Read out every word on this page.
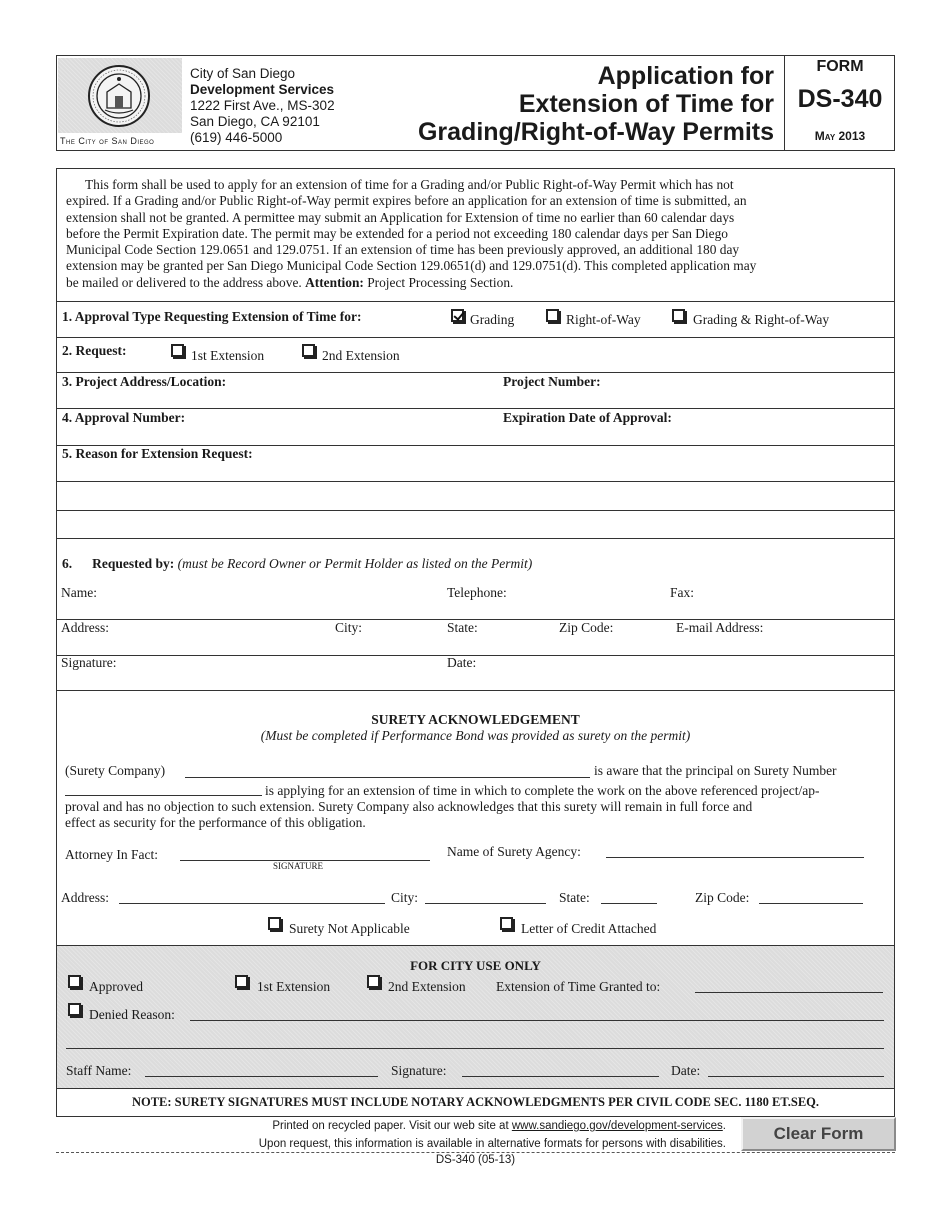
The City of San Diego
City of San Diego
Development Services
1222 First Ave., MS-302
San Diego, CA 92101
(619) 446-5000
Application for
Extension of Time for
Grading/Right-of-Way Permits
FORM
DS-340
May 2013
This form shall be used to apply for an extension of time for a Grading and/or Public Right-of-Way Permit which has not
expired. If a Grading and/or Public Right-of-Way permit expires before an application for an extension of time is submitted, an
extension shall not be granted. A permittee may submit an Application for Extension of time no earlier than 60 calendar days
before the Permit Expiration date. The permit may be extended for a period not exceeding 180 calendar days per San Diego
Municipal Code Section 129.0651 and 129.0751. If an extension of time has been previously approved, an additional 180 day
extension may be granted per San Diego Municipal Code Section 129.0651(d) and 129.0751(d). This completed application may
be mailed or delivered to the address above. Attention: Project Processing Section.
1. Approval Type Requesting Extension of Time for:	Grading	Right-of-Way	Grading & Right-of-Way
2. Request:	1st Extension	2nd Extension
3. Project Address/Location:	Project Number:
4. Approval Number:	Expiration Date of Approval:
5. Reason for Extension Request:
6. Requested by: (must be Record Owner or Permit Holder as listed on the Permit)
Name:	Telephone:	Fax:
Address:	City:	State:	Zip Code:	E-mail Address:
Signature:	Date:
SURETY ACKNOWLEDGEMENT
(Must be completed if Performance Bond was provided as surety on the permit)
(Surety Company)	is aware that the principal on Surety Number
is applying for an extension of time in which to complete the work on the above referenced project/ap-
proval and has no objection to such extension. Surety Company also acknowledges that this surety will remain in full force and
effect as security for the performance of this obligation.
Attorney In Fact:
SIGNATURE
Name of Surety Agency:
Address:	City:	State:	Zip Code:
Surety Not Applicable	Letter of Credit Attached
FOR CITY USE ONLY
Approved	1st Extension	2nd Extension Extension of Time Granted to:
Denied Reason:
Staff Name:	Signature:	Date:
NOTE: SURETY SIGNATURES MUST INCLUDE NOTARY ACKNOWLEDGMENTS PER CIVIL CODE SEC. 1180 ET.SEQ.
Printed on recycled paper. Visit our web site at www.sandiego.gov/development-services.
Upon request, this information is available in alternative formats for persons with disabilities.
Clear Form
DS-340 (05-13)
